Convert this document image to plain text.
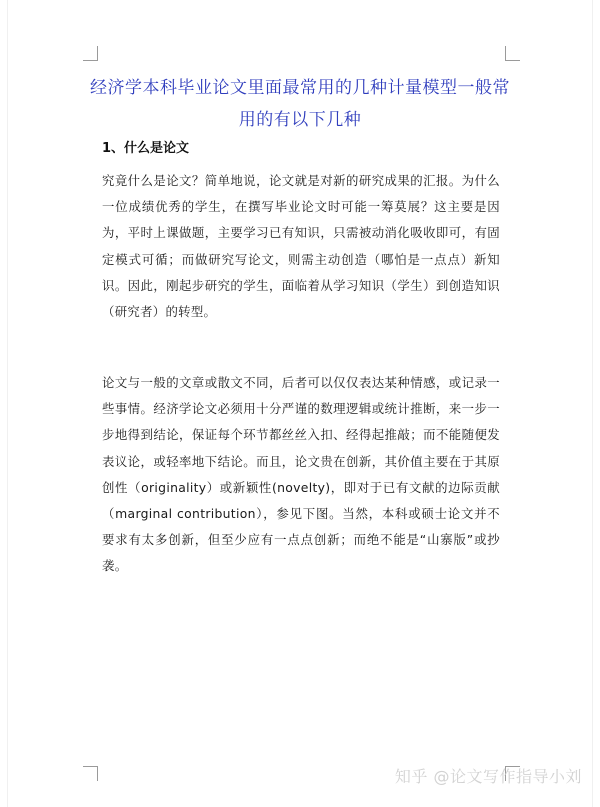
经济学本科毕业论文里面最常用的几种计量模型一般常用的有以下几种
1、什么是论文

究竟什么是论文？简单地说，论文就是对新的研究成果的汇报。为什么一位成绩优秀的学生，在撰写毕业论文时可能一筹莫展？这主要是因为，平时上课做题，主要学习已有知识，只需被动消化吸收即可，有固定模式可循；而做研究写论文，则需主动创造（哪怕是一点点）新知识。因此，刚起步研究的学生，面临着从学习知识（学生）到创造知识（研究者）的转型。

论文与一般的文章或散文不同，后者可以仅仅表达某种情感，或记录一些事情。经济学论文必须用十分严谨的数理逻辑或统计推断，来一步一步地得到结论，保证每个环节都丝丝入扣、经得起推敲；而不能随便发表议论，或轻率地下结论。而且，论文贵在创新，其价值主要在于其原创性（originality）或新颖性(novelty)，即对于已有文献的边际贡献（marginal contribution），参见下图。当然，本科或硕士论文并不要求有太多创新，但至少应有一点点创新；而绝不能是“山寨版”或抄袭。

知乎 @论文写作指导小刘
